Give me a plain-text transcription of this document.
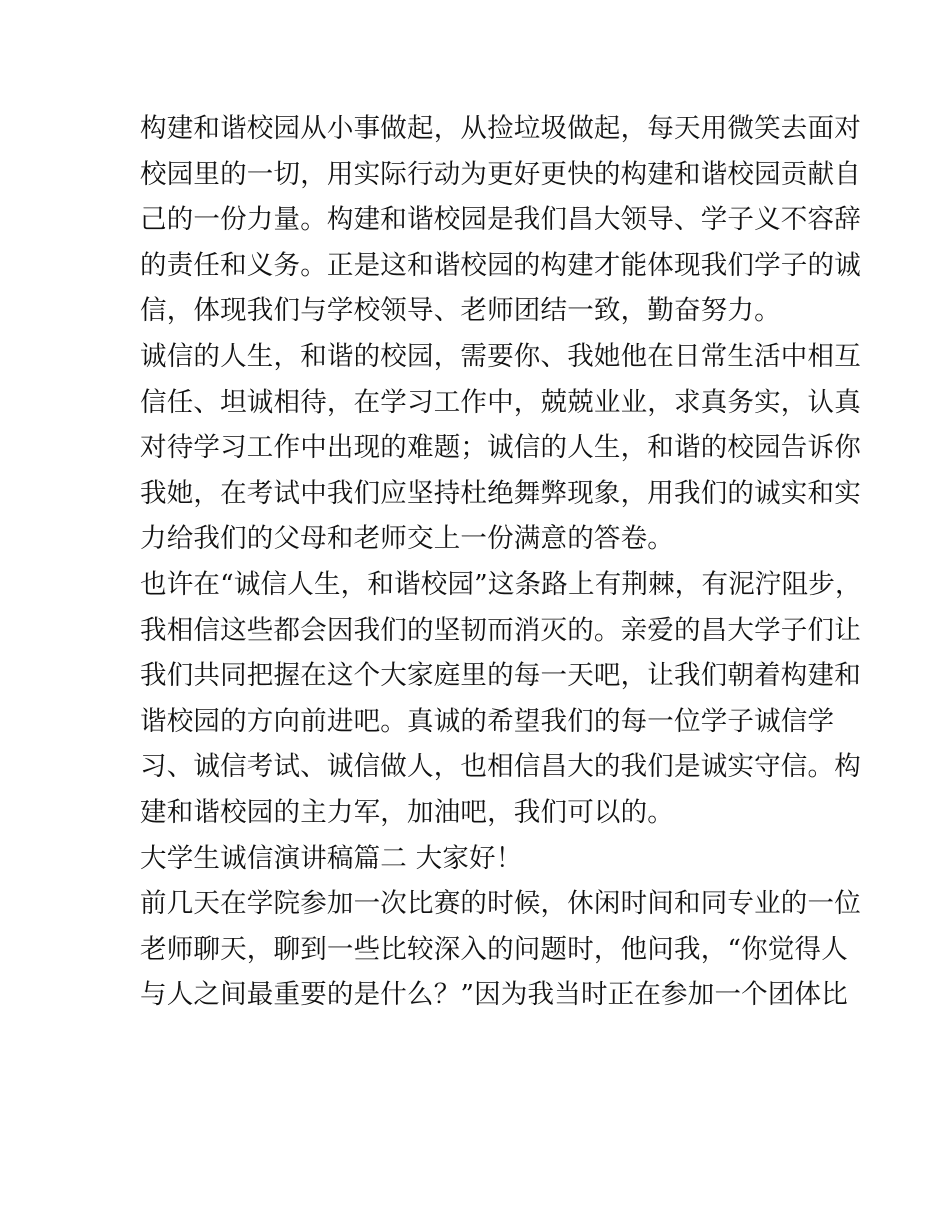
构建和谐校园从小事做起，从捡垃圾做起，每天用微笑去面对
校园里的一切，用实际行动为更好更快的构建和谐校园贡献自
己的一份力量。构建和谐校园是我们昌大领导、学子义不容辞
的责任和义务。正是这和谐校园的构建才能体现我们学子的诚
信，体现我们与学校领导、老师团结一致，勤奋努力。
诚信的人生，和谐的校园，需要你、我她他在日常生活中相互
信任、坦诚相待，在学习工作中，兢兢业业，求真务实，认真
对待学习工作中出现的难题；诚信的人生，和谐的校园告诉你
我她，在考试中我们应坚持杜绝舞弊现象，用我们的诚实和实
力给我们的父母和老师交上一份满意的答卷。
也许在“诚信人生，和谐校园”这条路上有荆棘，有泥泞阻步，
我相信这些都会因我们的坚韧而消灭的。亲爱的昌大学子们让
我们共同把握在这个大家庭里的每一天吧，让我们朝着构建和
谐校园的方向前进吧。真诚的希望我们的每一位学子诚信学
习、诚信考试、诚信做人，也相信昌大的我们是诚实守信。构
建和谐校园的主力军，加油吧，我们可以的。
大学生诚信演讲稿篇二 大家好！
前几天在学院参加一次比赛的时候，休闲时间和同专业的一位
老师聊天，聊到一些比较深入的问题时，他问我，“你觉得人
与人之间最重要的是什么？”因为我当时正在参加一个团体比
